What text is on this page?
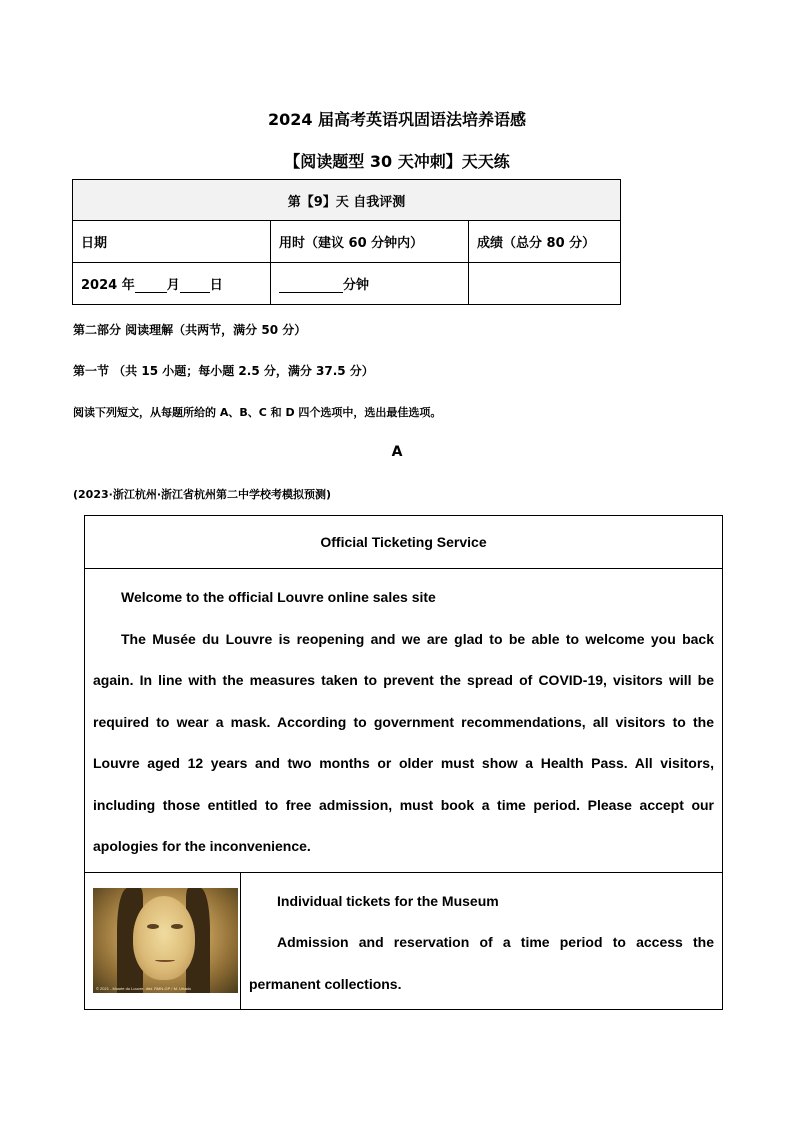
2024 届高考英语巩固语法培养语感
【阅读题型 30 天冲刺】天天练
第【9】天 自我评测		
日期	用时（建议 60 分钟内）	成绩（总分 80 分）
2024 年 月 日	分钟	
第二部分 阅读理解（共两节，满分 50 分）
第一节 （共 15 小题；每小题 2.5 分，满分 37.5 分）
阅读下列短文，从每题所给的 A、B、C 和 D 四个选项中，选出最佳选项。
A
(2023·浙江杭州·浙江省杭州第二中学校考模拟预测)
Official Ticketing Service

Welcome to the official Louvre online sales site

The Musée du Louvre is reopening and we are glad to be able to welcome you back again. In line with the measures taken to prevent the spread of COVID-19, visitors will be required to wear a mask. According to government recommendations, all visitors to the Louvre aged 12 years and two months or older must show a Health Pass. All visitors, including those entitled to free admission, must book a time period. Please accept our apologies for the inconvenience.

© 2021 - Musée du Louvre, dist. RMN-GP / M. Urtado

Individual tickets for the Museum

Admission and reservation of a time period to access the permanent collections.
